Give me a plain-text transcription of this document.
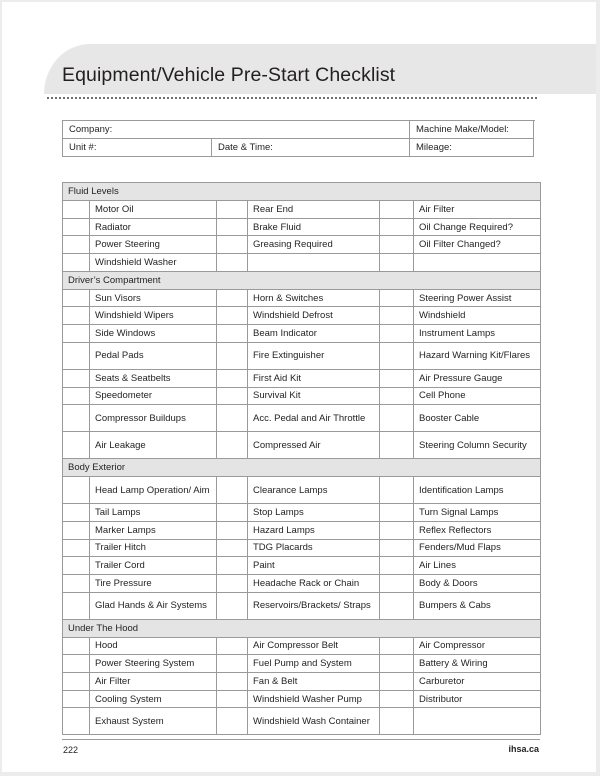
Equipment/Vehicle Pre-Start Checklist
Company:		Machine Make/Model:
Unit #:	Date & Time:	Mileage:
Fluid Levels					
	Motor Oil		Rear End		Air Filter
	Radiator		Brake Fluid		Oil Change Required?
	Power Steering		Greasing Required		Oil Filter Changed?
	Windshield Washer				
Driver’s Compartment					
	Sun Visors		Horn & Switches		Steering Power Assist
	Windshield Wipers		Windshield Defrost		Windshield
	Side Windows		Beam Indicator		Instrument Lamps
	Pedal Pads		Fire Extinguisher		Hazard Warning Kit/Flares
	Seats & Seatbelts		First Aid Kit		Air Pressure Gauge
	Speedometer		Survival Kit		Cell Phone
	Compressor Buildups		Acc. Pedal and Air Throttle		Booster Cable
	Air Leakage		Compressed Air		Steering Column Security
Body Exterior					
	Head Lamp Operation/ Aim		Clearance Lamps		Identification Lamps
	Tail Lamps		Stop Lamps		Turn Signal Lamps
	Marker Lamps		Hazard Lamps		Reflex Reflectors
	Trailer Hitch		TDG Placards		Fenders/Mud Flaps
	Trailer Cord		Paint		Air Lines
	Tire Pressure		Headache Rack or Chain		Body & Doors
	Glad Hands & Air Systems		Reservoirs/Brackets/ Straps		Bumpers & Cabs
Under The Hood					
	Hood		Air Compressor Belt		Air Compressor
	Power Steering System		Fuel Pump and System		Battery & Wiring
	Air Filter		Fan & Belt		Carburetor
	Cooling System		Windshield Washer Pump		Distributor
	Exhaust System		Windshield Wash Container		
222	ihsa.ca
